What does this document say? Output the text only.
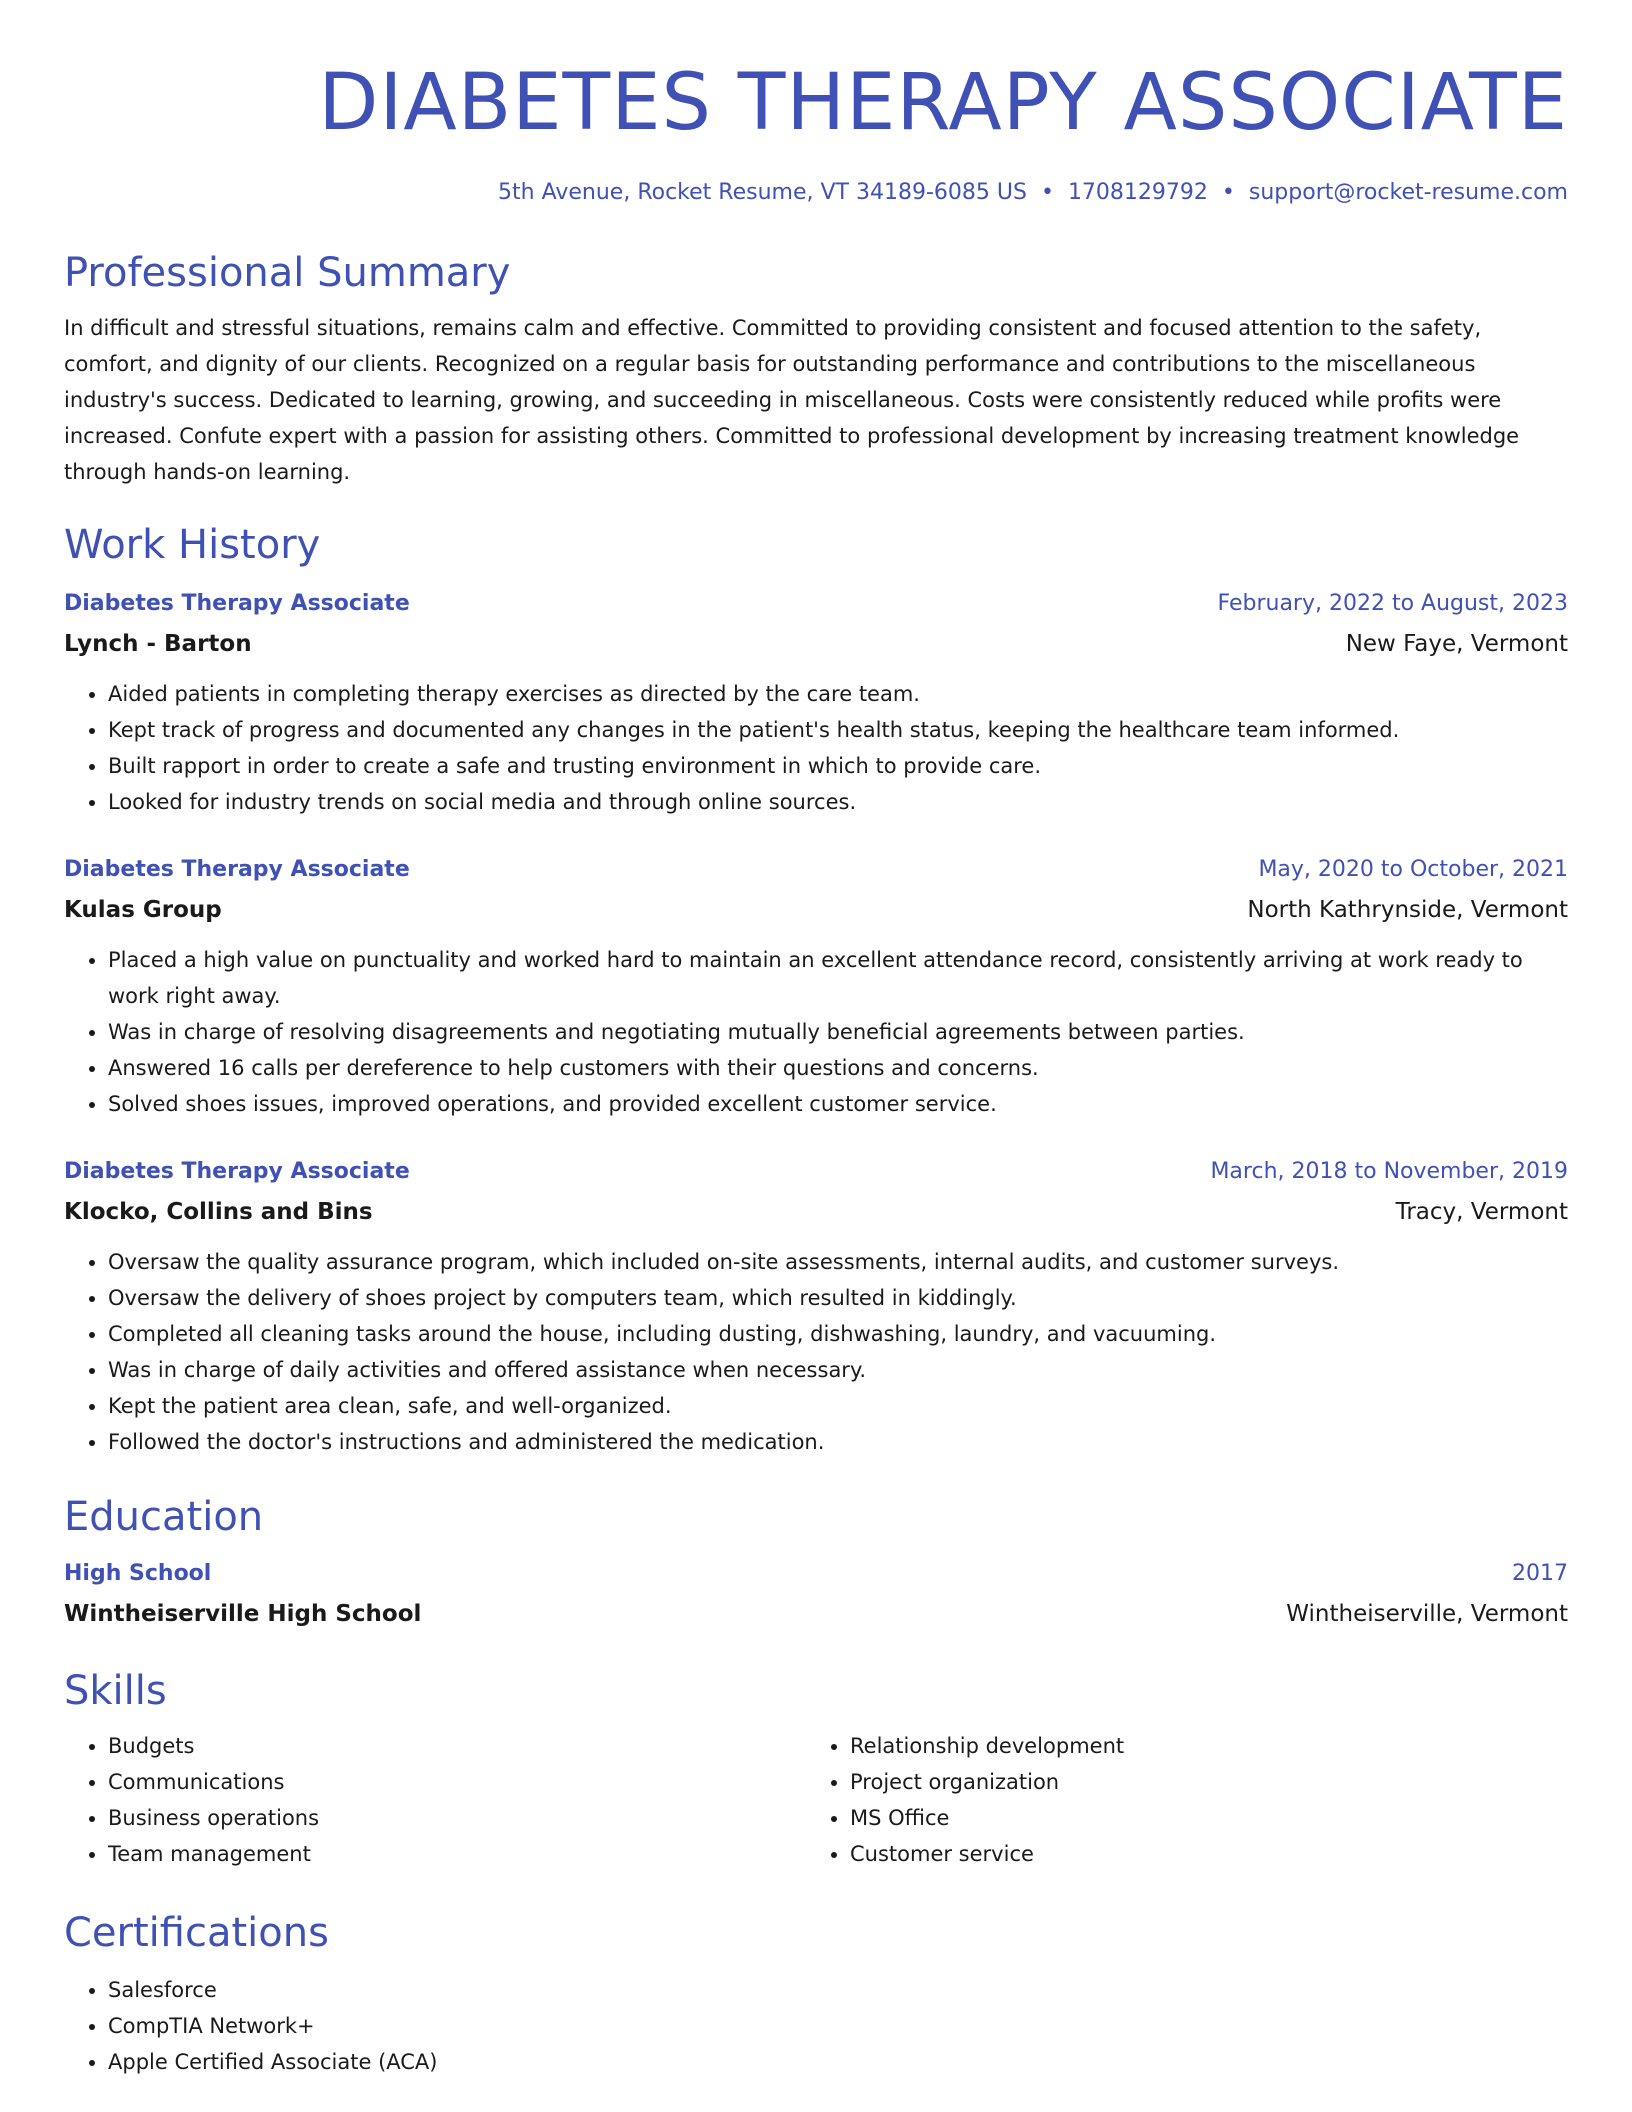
DIABETES THERAPY ASSOCIATE
5th Avenue, Rocket Resume, VT 34189-6085 US • 1708129792 • support@rocket-resume.com
Professional Summary
In difficult and stressful situations, remains calm and effective. Committed to providing consistent and focused attention to the safety, comfort, and dignity of our clients. Recognized on a regular basis for outstanding performance and contributions to the miscellaneous industry's success. Dedicated to learning, growing, and succeeding in miscellaneous. Costs were consistently reduced while profits were increased. Confute expert with a passion for assisting others. Committed to professional development by increasing treatment knowledge through hands-on learning.
Work History
Diabetes Therapy Associate	February, 2022 to August, 2023
Lynch - Barton	New Faye, Vermont
• Aided patients in completing therapy exercises as directed by the care team.
• Kept track of progress and documented any changes in the patient's health status, keeping the healthcare team informed.
• Built rapport in order to create a safe and trusting environment in which to provide care.
• Looked for industry trends on social media and through online sources.
Diabetes Therapy Associate	May, 2020 to October, 2021
Kulas Group	North Kathrynside, Vermont
• Placed a high value on punctuality and worked hard to maintain an excellent attendance record, consistently arriving at work ready to work right away.
• Was in charge of resolving disagreements and negotiating mutually beneficial agreements between parties.
• Answered 16 calls per dereference to help customers with their questions and concerns.
• Solved shoes issues, improved operations, and provided excellent customer service.
Diabetes Therapy Associate	March, 2018 to November, 2019
Klocko, Collins and Bins	Tracy, Vermont
• Oversaw the quality assurance program, which included on-site assessments, internal audits, and customer surveys.
• Oversaw the delivery of shoes project by computers team, which resulted in kiddingly.
• Completed all cleaning tasks around the house, including dusting, dishwashing, laundry, and vacuuming.
• Was in charge of daily activities and offered assistance when necessary.
• Kept the patient area clean, safe, and well-organized.
• Followed the doctor's instructions and administered the medication.
Education
High School	2017
Wintheiserville High School	Wintheiserville, Vermont
Skills
• Budgets
• Communications
• Business operations
• Team management
• Relationship development
• Project organization
• MS Office
• Customer service
Certifications
• Salesforce
• CompTIA Network+
• Apple Certified Associate (ACA)
